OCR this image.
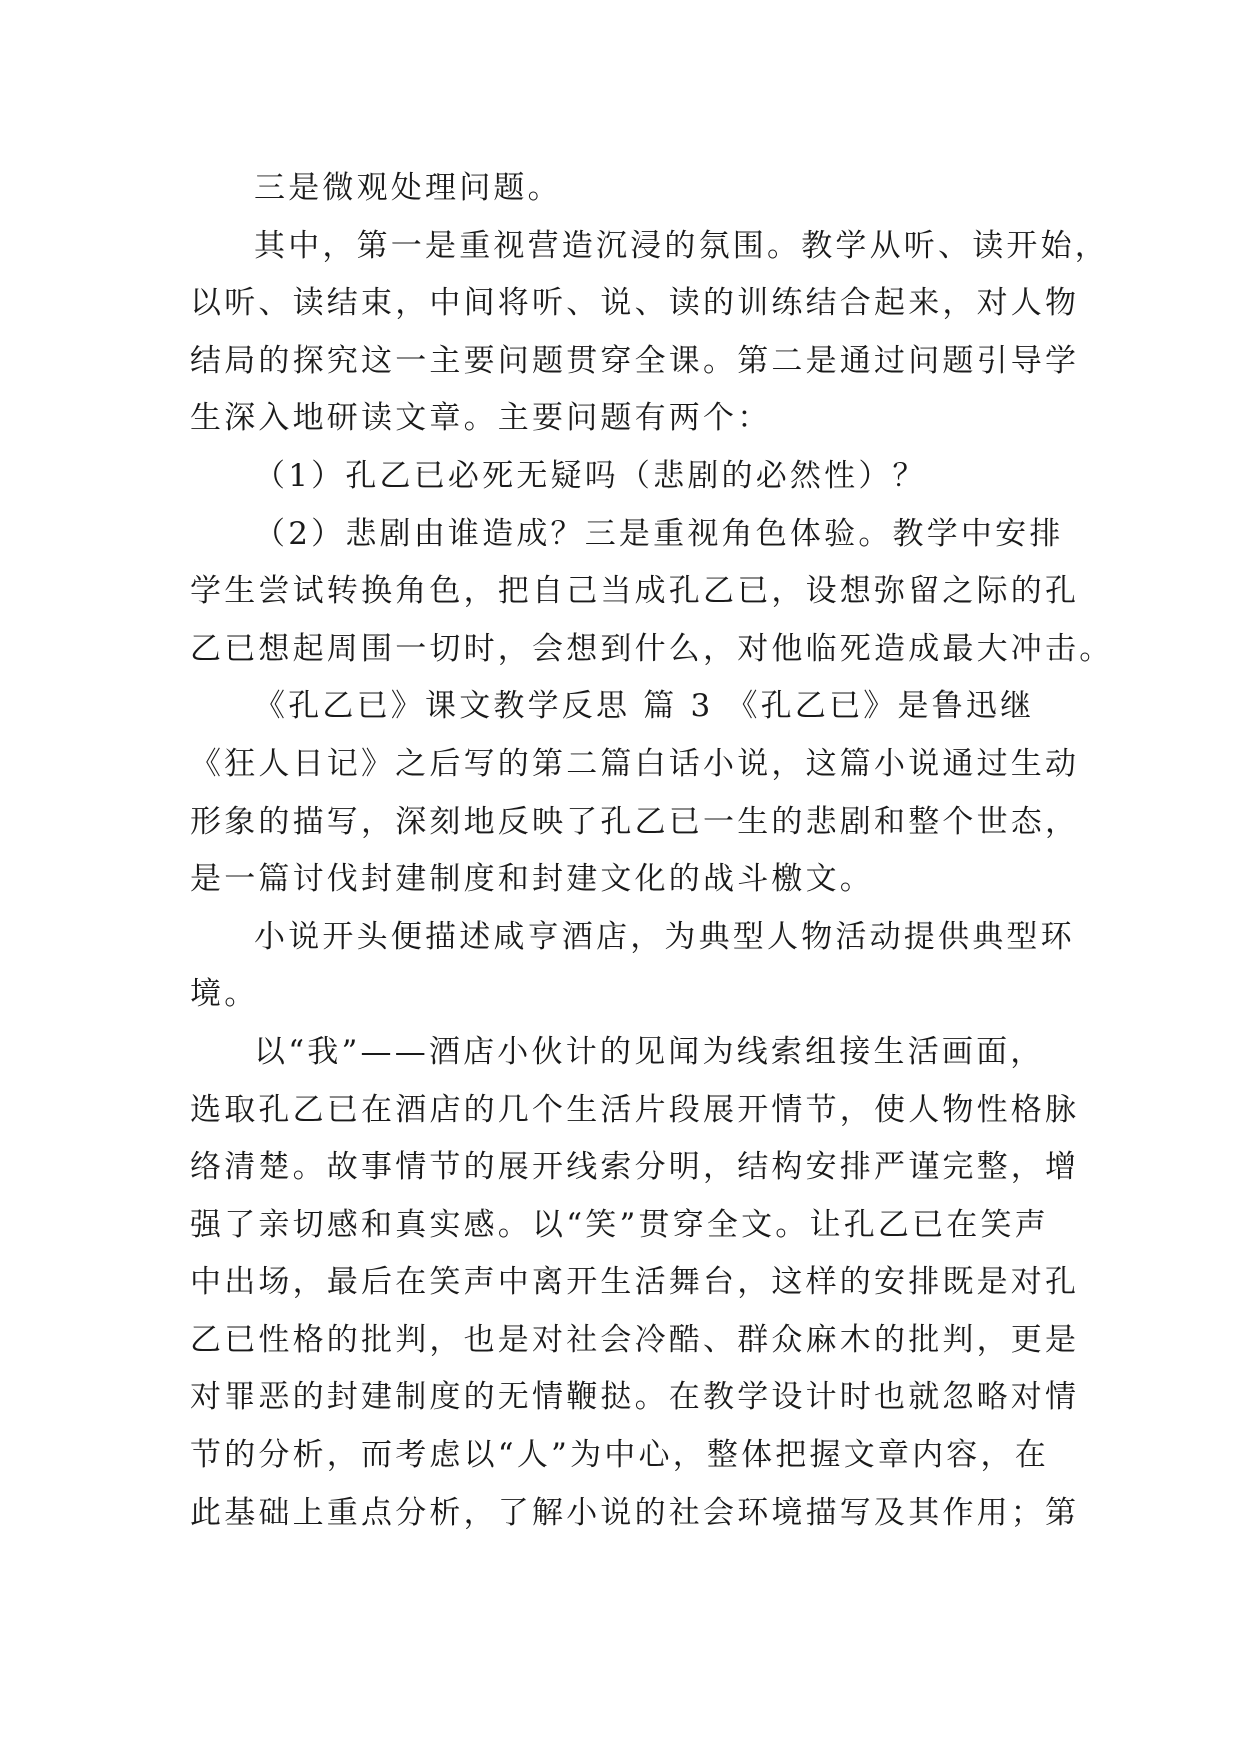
三是微观处理问题。
其中，第一是重视营造沉浸的氛围。教学从听、读开始，
以听、读结束，中间将听、说、读的训练结合起来，对人物
结局的探究这一主要问题贯穿全课。第二是通过问题引导学
生深入地研读文章。主要问题有两个：
（1）孔乙已必死无疑吗（悲剧的必然性）？
（2）悲剧由谁造成？三是重视角色体验。教学中安排
学生尝试转换角色，把自己当成孔乙已，设想弥留之际的孔
乙已想起周围一切时，会想到什么，对他临死造成最大冲击。
《孔乙已》课文教学反思 篇 3 《孔乙已》是鲁迅继
《狂人日记》之后写的第二篇白话小说，这篇小说通过生动
形象的描写，深刻地反映了孔乙已一生的悲剧和整个世态，
是一篇讨伐封建制度和封建文化的战斗檄文。
小说开头便描述咸亨酒店，为典型人物活动提供典型环
境。
以“我”——酒店小伙计的见闻为线索组接生活画面，
选取孔乙已在酒店的几个生活片段展开情节，使人物性格脉
络清楚。故事情节的展开线索分明，结构安排严谨完整，增
强了亲切感和真实感。以“笑”贯穿全文。让孔乙已在笑声
中出场，最后在笑声中离开生活舞台，这样的安排既是对孔
乙已性格的批判，也是对社会冷酷、群众麻木的批判，更是
对罪恶的封建制度的无情鞭挞。在教学设计时也就忽略对情
节的分析，而考虑以“人”为中心，整体把握文章内容，在
此基础上重点分析，了解小说的社会环境描写及其作用；第
